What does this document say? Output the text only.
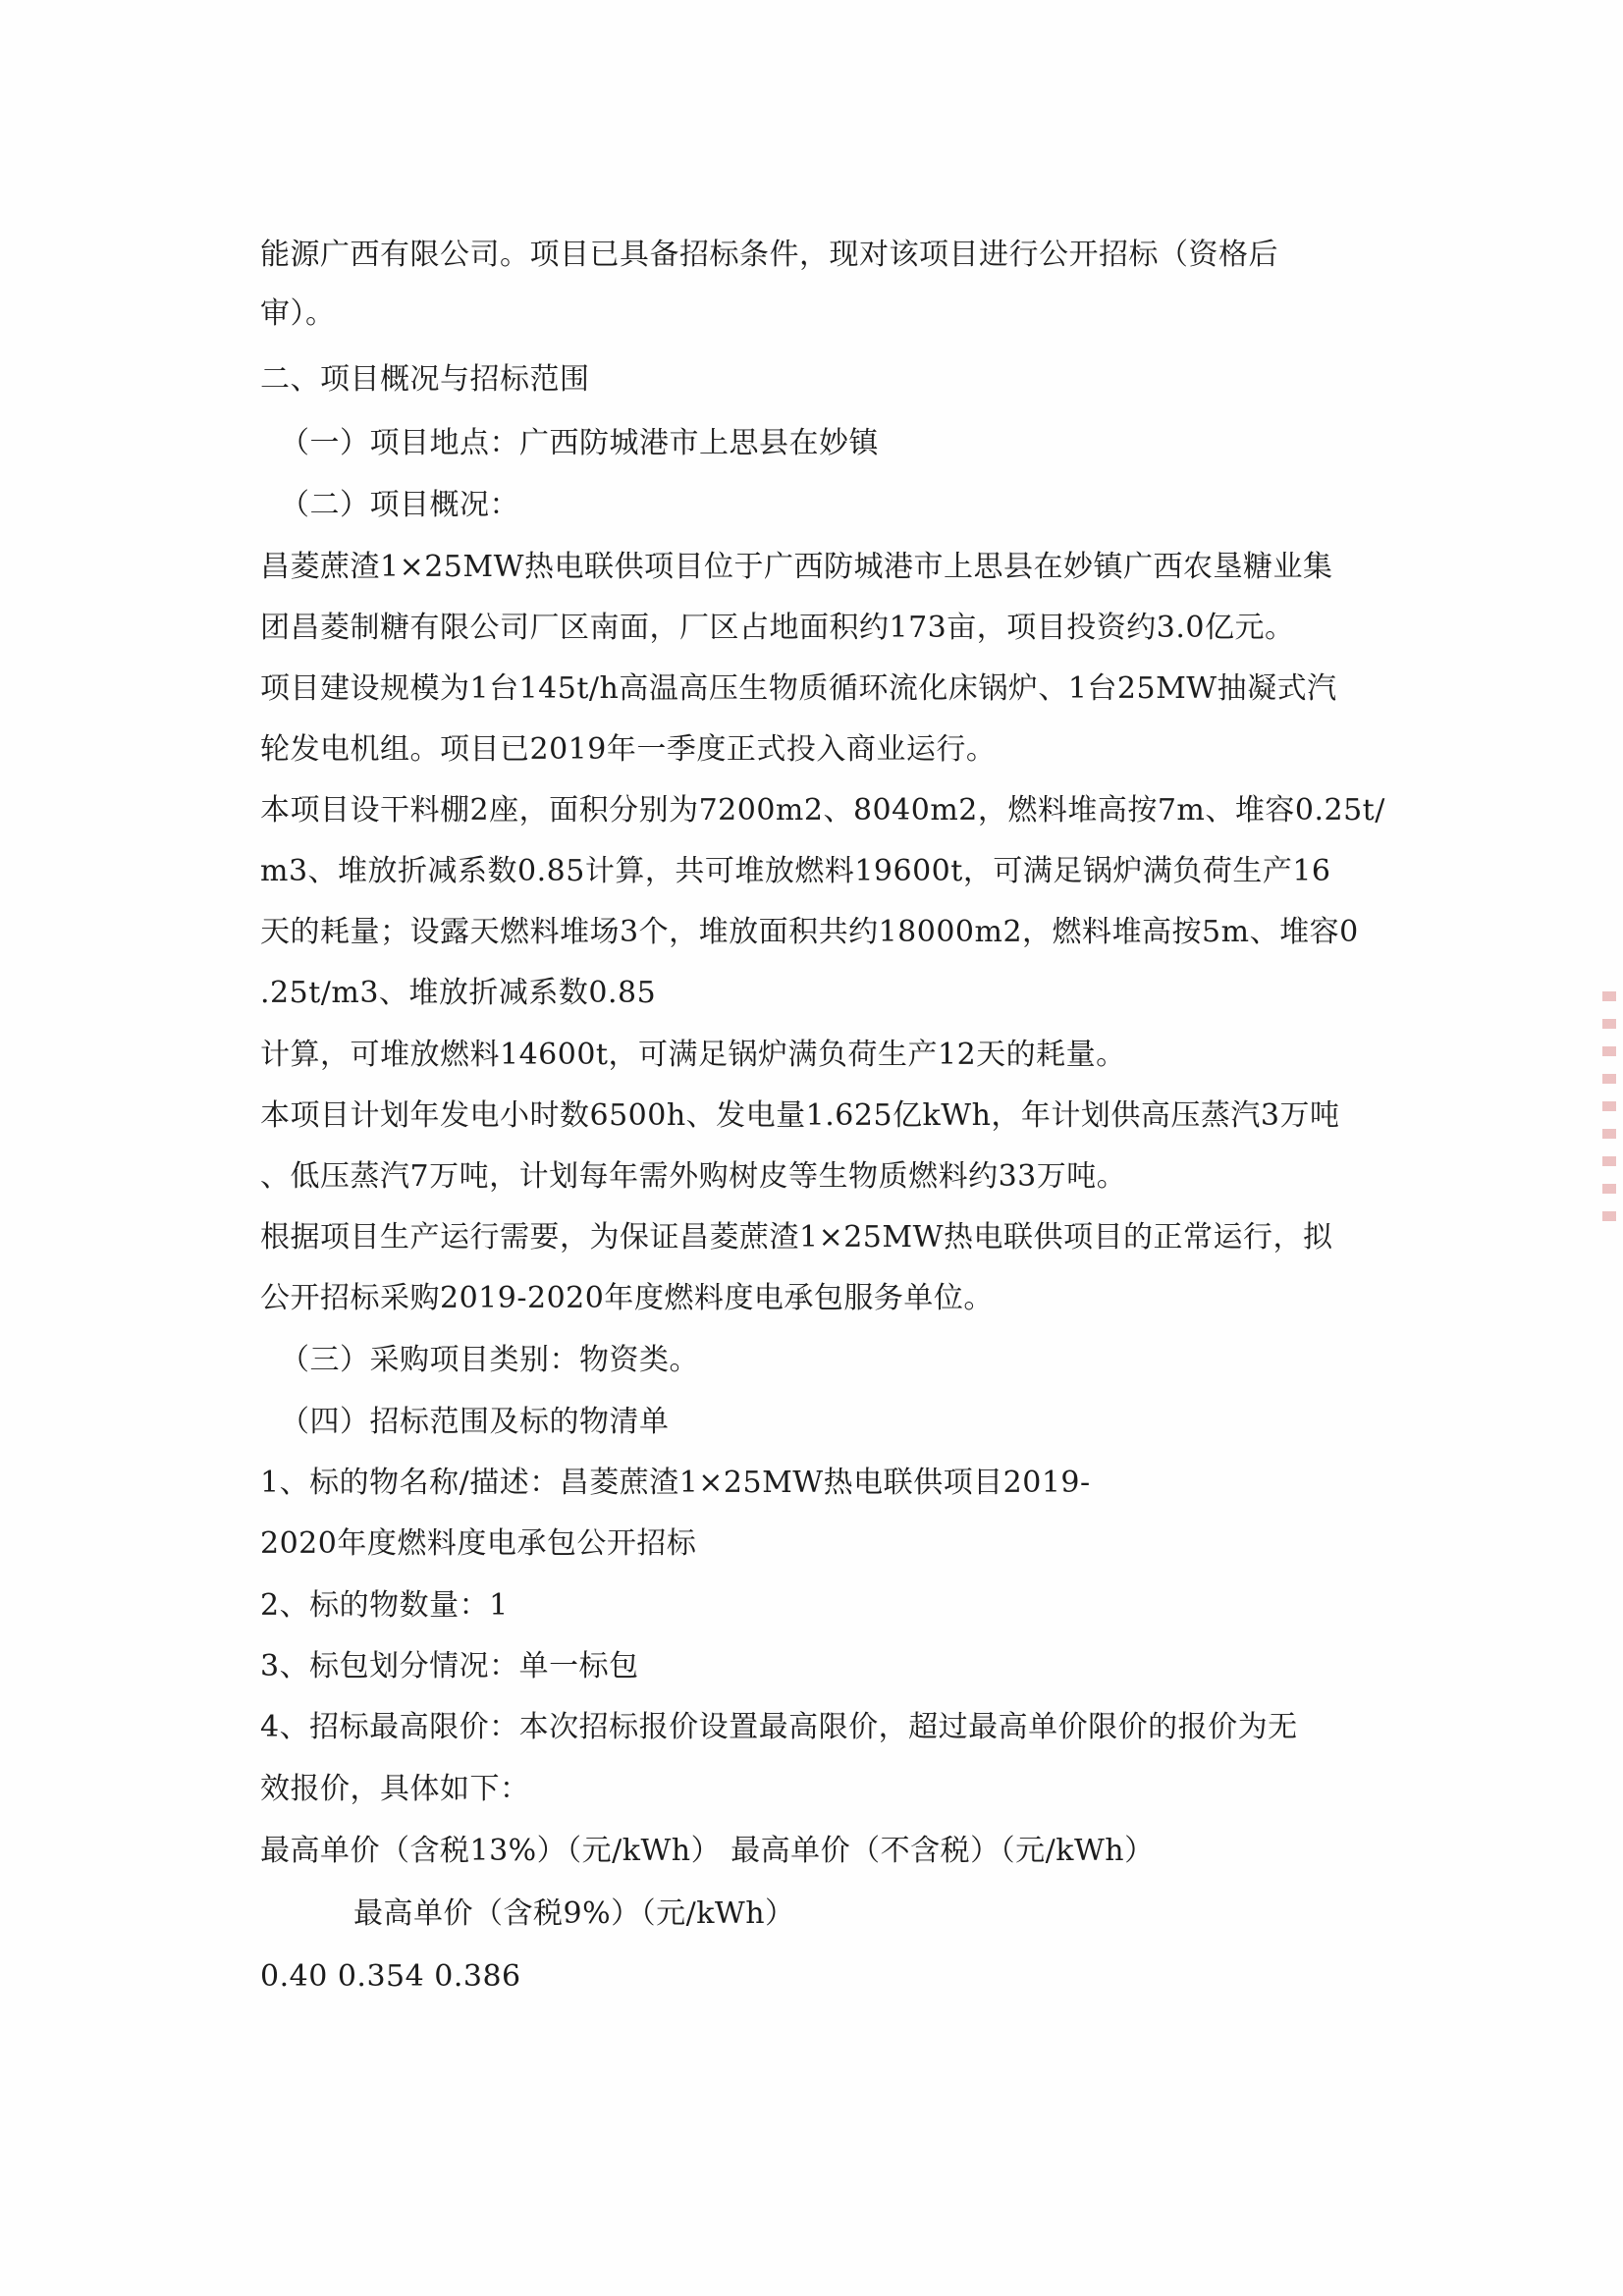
能源广西有限公司。项目已具备招标条件，现对该项目进行公开招标（资格后
审）。
二、项目概况与招标范围
（一）项目地点：广西防城港市上思县在妙镇
（二）项目概况：
昌菱蔗渣1×25MW热电联供项目位于广西防城港市上思县在妙镇广西农垦糖业集
团昌菱制糖有限公司厂区南面，厂区占地面积约173亩，项目投资约3.0亿元。
项目建设规模为1台145t/h高温高压生物质循环流化床锅炉、1台25MW抽凝式汽
轮发电机组。项目已2019年一季度正式投入商业运行。
本项目设干料棚2座，面积分别为7200m2、8040m2，燃料堆高按7m、堆容0.25t/
m3、堆放折减系数0.85计算，共可堆放燃料19600t，可满足锅炉满负荷生产16
天的耗量；设露天燃料堆场3个，堆放面积共约18000m2，燃料堆高按5m、堆容0
.25t/m3、堆放折减系数0.85
计算，可堆放燃料14600t，可满足锅炉满负荷生产12天的耗量。
本项目计划年发电小时数6500h、发电量1.625亿kWh，年计划供高压蒸汽3万吨
、低压蒸汽7万吨，计划每年需外购树皮等生物质燃料约33万吨。
根据项目生产运行需要，为保证昌菱蔗渣1×25MW热电联供项目的正常运行，拟
公开招标采购2019-2020年度燃料度电承包服务单位。
（三）采购项目类别：物资类。
（四）招标范围及标的物清单
1、标的物名称/描述：昌菱蔗渣1×25MW热电联供项目2019-
2020年度燃料度电承包公开招标
2、标的物数量：1
3、标包划分情况：单一标包
4、招标最高限价：本次招标报价设置最高限价，超过最高单价限价的报价为无
效报价，具体如下：
最高单价（含税13%）（元/kWh） 最高单价（不含税）（元/kWh）
最高单价（含税9%）（元/kWh）
0.40 0.354 0.386
